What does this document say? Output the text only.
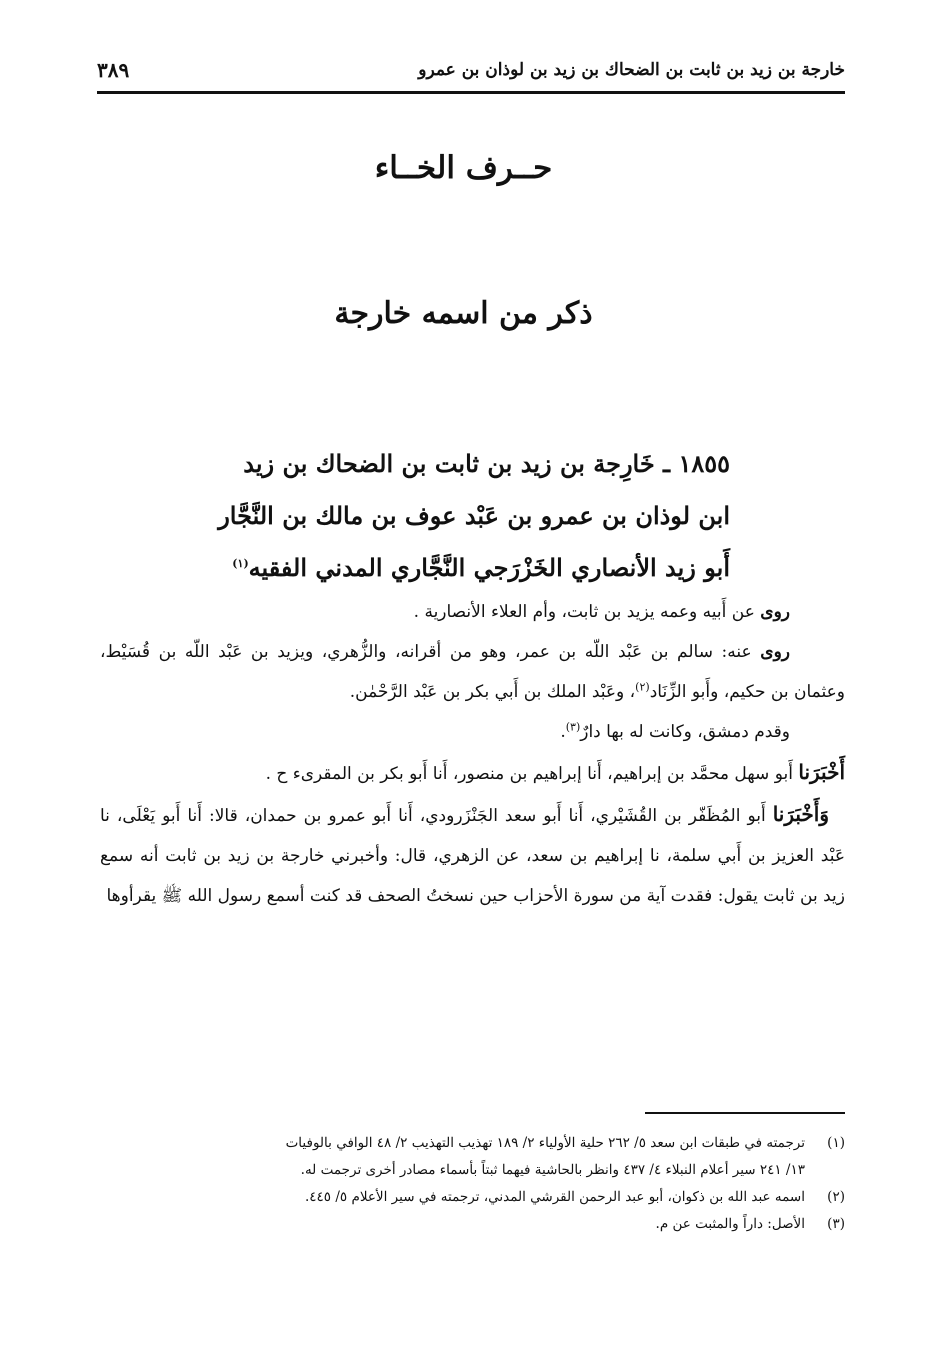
خارجة بن زيد بن ثابت بن الضحاك بن زيد بن لوذان بن عمرو
٣٨٩
حــرف الخــاء
ذكر من اسمه خارجة
١٨٥٥ ـ خَارِجة بن زيد بن ثابت بن الضحاك بن زيد
ابن لوذان بن عمرو بن عَبْد عوف بن مالك بن النَّجَّار
أَبو زيد الأنصاري الخَزْرَجي النَّجَّاري المدني الفقيه$^{(١)}$

روى عن أَبيه وعمه يزيد بن ثابت، وأم العلاء الأنصارية .

روى عنه: سالم بن عَبْد اللّه بن عمر، وهو من أقرانه، والزُّهري، ويزيد بن عَبْد اللّه بن قُسَيْط، وعثمان بن حكيم، وأَبو الزِّنَاد$^{(٢)}$، وعَبْد الملك بن أَبي بكر بن عَبْد الرَّحْمٰن.

وقدم دمشق، وكانت له بها دارٌ$^{(٣)}$.

أَخْبَرَنا أَبو سهل محمَّد بن إبراهيم، أَنا إبراهيم بن منصور، أَنا أَبو بكر بن المقرىء ح .

وَأَخْبَرَنا أَبو المُظَفّر بن القُشَيْري، أَنا أَبو سعد الجَنْزَرودي، أَنا أَبو عمرو بن حمدان، قالا: أَنا أَبو يَعْلَى، نا عَبْد العزيز بن أَبي سلمة، نا إبراهيم بن سعد، عن الزهري، قال: وأخبرني خارجة بن زيد بن ثابت أنه سمع زيد بن ثابت يقول: فقدت آية من سورة الأحزاب حين نسختُ الصحف قد كنت أسمع رسول الله ﷺ يقرأوها

(١)
ترجمته في طبقات ابن سعد ٥/ ٢٦٢ حلية الأولياء ٢/ ١٨٩ تهذيب التهذيب ٢/ ٤٨ الوافي بالوفيات
١٣/ ٢٤١ سير أعلام النبلاء ٤/ ٤٣٧ وانظر بالحاشية فيهما ثبتاً بأسماء مصادر أخرى ترجمت له.
(٢)
اسمه عبد الله بن ذكوان، أبو عبد الرحمن القرشي المدني، ترجمته في سير الأعلام ٥/ ٤٤٥.
(٣)
الأصل: داراً والمثبت عن م.
